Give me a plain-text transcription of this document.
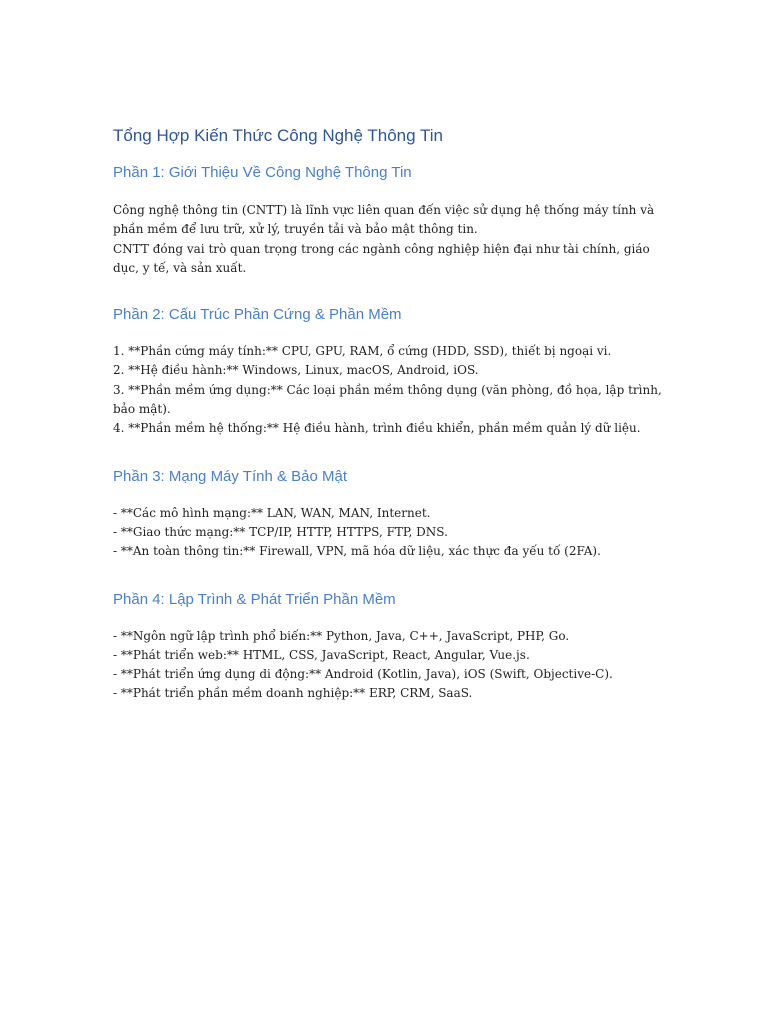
Tổng Hợp Kiến Thức Công Nghệ Thông Tin
Phần 1: Giới Thiệu Về Công Nghệ Thông Tin
Công nghệ thông tin (CNTT) là lĩnh vực liên quan đến việc sử dụng hệ thống máy tính và
phần mềm để lưu trữ, xử lý, truyền tải và bảo mật thông tin.
CNTT đóng vai trò quan trọng trong các ngành công nghiệp hiện đại như tài chính, giáo
dục, y tế, và sản xuất.
Phần 2: Cấu Trúc Phần Cứng & Phần Mềm
1. **Phần cứng máy tính:** CPU, GPU, RAM, ổ cứng (HDD, SSD), thiết bị ngoại vi.
2. **Hệ điều hành:** Windows, Linux, macOS, Android, iOS.
3. **Phần mềm ứng dụng:** Các loại phần mềm thông dụng (văn phòng, đồ họa, lập trình,
bảo mật).
4. **Phần mềm hệ thống:** Hệ điều hành, trình điều khiển, phần mềm quản lý dữ liệu.
Phần 3: Mạng Máy Tính & Bảo Mật
- **Các mô hình mạng:** LAN, WAN, MAN, Internet.
- **Giao thức mạng:** TCP/IP, HTTP, HTTPS, FTP, DNS.
- **An toàn thông tin:** Firewall, VPN, mã hóa dữ liệu, xác thực đa yếu tố (2FA).
Phần 4: Lập Trình & Phát Triển Phần Mềm
- **Ngôn ngữ lập trình phổ biến:** Python, Java, C++, JavaScript, PHP, Go.
- **Phát triển web:** HTML, CSS, JavaScript, React, Angular, Vue.js.
- **Phát triển ứng dụng di động:** Android (Kotlin, Java), iOS (Swift, Objective-C).
- **Phát triển phần mềm doanh nghiệp:** ERP, CRM, SaaS.
